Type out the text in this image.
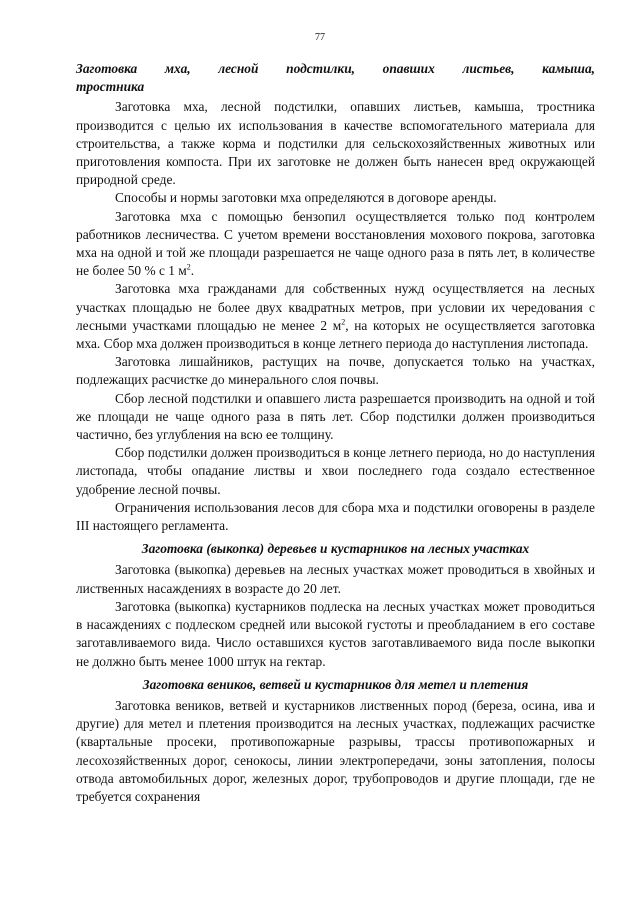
77

Заготовка мха, лесной подстилки, опавших листьев, камыша,

тростника

Заготовка мха, лесной подстилки, опавших листьев, камыша, тростника производится с целью их использования в качестве вспомогательного материала для строительства, а также корма и подстилки для сельскохозяйственных животных или приготовления компоста. При их заготовке не должен быть нанесен вред окружающей природной среде.

Способы и нормы заготовки мха определяются в договоре аренды.

Заготовка мха с помощью бензопил осуществляется только под контролем работников лесничества. С учетом времени восстановления мохового покрова, заготовка мха на одной и той же площади разрешается не чаще одного раза в пять лет, в количестве не более 50 % с 1 $м^2$.

Заготовка мха гражданами для собственных нужд осуществляется на лесных участках площадью не более двух квадратных метров, при условии их чередования с лесными участками площадью не менее 2 $м^2$, на которых не осуществляется заготовка мха. Сбор мха должен производиться в конце летнего периода до наступления листопада.

Заготовка лишайников, растущих на почве, допускается только на участках, подлежащих расчистке до минерального слоя почвы.

Сбор лесной подстилки и опавшего листа разрешается производить на одной и той же площади не чаще одного раза в пять лет. Сбор подстилки должен производиться частично, без углубления на всю ее толщину.

Сбор подстилки должен производиться в конце летнего периода, но до наступления листопада, чтобы опадание листвы и хвои последнего года создало естественное удобрение лесной почвы.

Ограничения использования лесов для сбора мха и подстилки оговорены в разделе III настоящего регламента.

Заготовка (выкопка) деревьев и кустарников на лесных участках

Заготовка (выкопка) деревьев на лесных участках может проводиться в хвойных и лиственных насаждениях в возрасте до 20 лет.

Заготовка (выкопка) кустарников подлеска на лесных участках может проводиться в насаждениях с подлеском средней или высокой густоты и преобладанием в его составе заготавливаемого вида. Число оставшихся кустов заготавливаемого вида после выкопки не должно быть менее 1000 штук на гектар.

Заготовка веников, ветвей и кустарников для метел и плетения

Заготовка веников, ветвей и кустарников лиственных пород (береза, осина, ива и другие) для метел и плетения производится на лесных участках, подлежащих расчистке (квартальные просеки, противопожарные разрывы, трассы противопожарных и лесохозяйственных дорог, сенокосы, линии электропередачи, зоны затопления, полосы отвода автомобильных дорог, железных дорог, трубопроводов и другие площади, где не требуется сохранения
